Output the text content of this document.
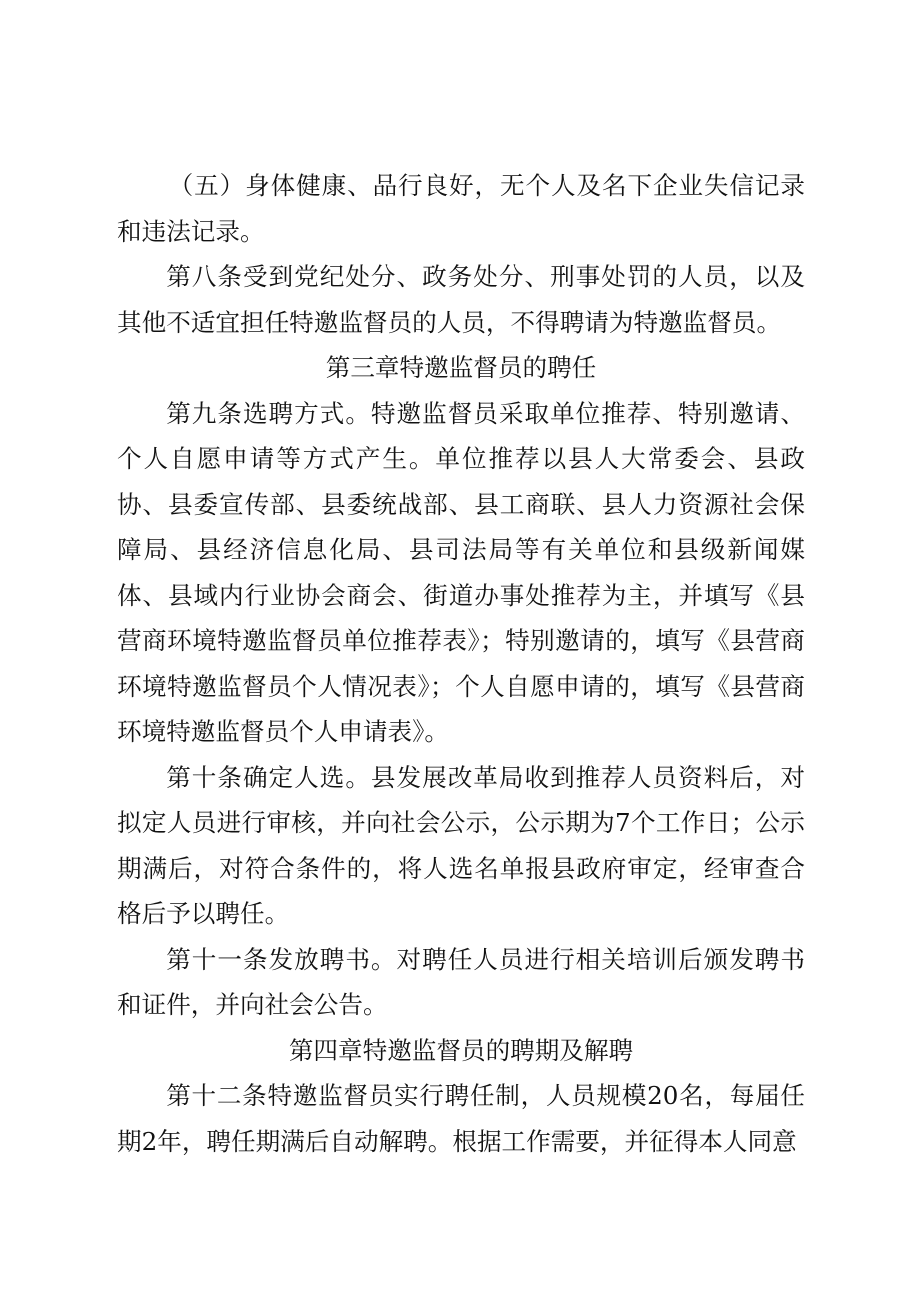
（五）身体健康、品行良好，无个人及名下企业失信记录和违法记录。

第八条受到党纪处分、政务处分、刑事处罚的人员，以及其他不适宜担任特邀监督员的人员，不得聘请为特邀监督员。

第三章特邀监督员的聘任

第九条选聘方式。特邀监督员采取单位推荐、特别邀请、个人自愿申请等方式产生。单位推荐以县人大常委会、县政协、县委宣传部、县委统战部、县工商联、县人力资源社会保障局、县经济信息化局、县司法局等有关单位和县级新闻媒体、县域内行业协会商会、街道办事处推荐为主，并填写《县营商环境特邀监督员单位推荐表》；特别邀请的，填写《县营商环境特邀监督员个人情况表》；个人自愿申请的，填写《县营商环境特邀监督员个人申请表》。

第十条确定人选。县发展改革局收到推荐人员资料后，对拟定人员进行审核，并向社会公示，公示期为7个工作日；公示期满后，对符合条件的，将人选名单报县政府审定，经审查合格后予以聘任。

第十一条发放聘书。对聘任人员进行相关培训后颁发聘书和证件，并向社会公告。

第四章特邀监督员的聘期及解聘

第十二条特邀监督员实行聘任制，人员规模20名，每届任期2年，聘任期满后自动解聘。根据工作需要，并征得本人同意
